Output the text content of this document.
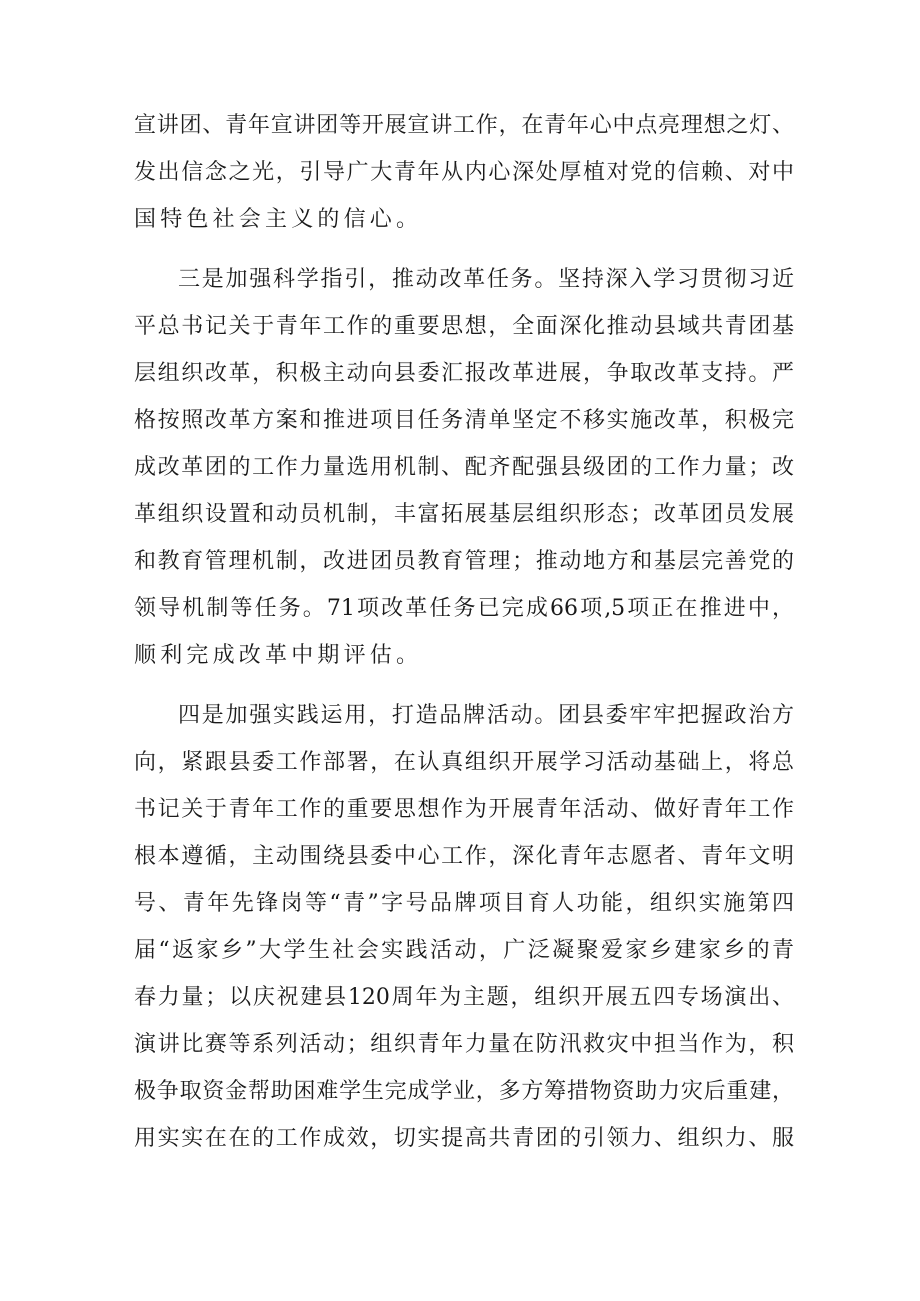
宣讲团、青年宣讲团等开展宣讲工作，在青年心中点亮理想之灯、
发出信念之光，引导广大青年从内心深处厚植对党的信赖、对中
国特色社会主义的信心。
三是加强科学指引，推动改革任务。坚持深入学习贯彻习近
平总书记关于青年工作的重要思想，全面深化推动县域共青团基
层组织改革，积极主动向县委汇报改革进展，争取改革支持。严
格按照改革方案和推进项目任务清单坚定不移实施改革，积极完
成改革团的工作力量选用机制、配齐配强县级团的工作力量；改
革组织设置和动员机制，丰富拓展基层组织形态；改革团员发展
和教育管理机制，改进团员教育管理；推动地方和基层完善党的
领导机制等任务。71项改革任务已完成66项,5项正在推进中，
顺利完成改革中期评估。
四是加强实践运用，打造品牌活动。团县委牢牢把握政治方
向，紧跟县委工作部署，在认真组织开展学习活动基础上，将总
书记关于青年工作的重要思想作为开展青年活动、做好青年工作
根本遵循，主动围绕县委中心工作，深化青年志愿者、青年文明
号、青年先锋岗等“青”字号品牌项目育人功能，组织实施第四
届“返家乡”大学生社会实践活动，广泛凝聚爱家乡建家乡的青
春力量；以庆祝建县120周年为主题，组织开展五四专场演出、
演讲比赛等系列活动；组织青年力量在防汛救灾中担当作为，积
极争取资金帮助困难学生完成学业，多方筹措物资助力灾后重建，
用实实在在的工作成效，切实提高共青团的引领力、组织力、服
